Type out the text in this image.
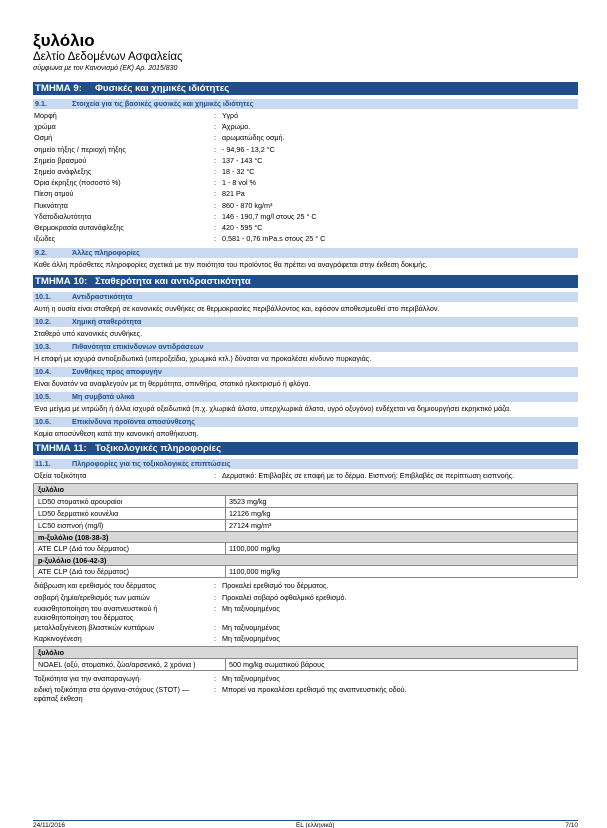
ξυλόλιο
Δελτίο Δεδομένων Ασφαλείας
σύμφωνα με τον Κανονισμό (ΕΚ) Αρ. 2015/830
ΤΜΗΜΑ 9:	Φυσικές και χημικές ιδιότητες
9.1.	Στοιχεία για τις βασικές φυσικές και χημικές ιδιότητες
Μορφή	: Υγρό
χρώμα	: Άχρωμο.
Οσμή	: αρωματώδης οσμή.
σημείο τήξης / περιοχή τήξης	: - 94,96 - 13,2 °C
Σημείο βρασμού	: 137 - 143 °C
Σημείο ανάφλεξης	: 18 - 32 °C
Όρια έκρηξης (ποσοστό %)	: 1 - 8 vol %
Πίεση ατμού	: 821 Pa
Πυκνότητα	: 860 - 870 kg/m³
Υδατοδιαλυτότητα	: 146 - 190,7 mg/l στους 25 ° C
Θερμοκρασία αυτανάφλεξης	: 420 - 595 °C
ιξώδες	: 0,581 - 0,76 mPa.s στους 25 ° C
9.2.	Άλλες πληροφορίες
Καθε άλλη πρόσθετες πληροφορίες σχετικά με την ποιότητα του προϊόντος θα πρέπει να αναγράφεται στην έκθεση δοκιμής.
ΤΜΗΜΑ 10: Σταθερότητα και αντιδραστικότητα
10.1.	Αντιδραστικότητα
Αυτή η ουσία είναι σταθερή σε κανονικές συνθήκες σε θερμοκρασίες περιβάλλοντος και, εφόσον αποθεσμευθεί στο περιβάλλον.
10.2.	Χημική σταθερότητα
Σταθερό υπό κανονικές συνθήκες.
10.3.	Πιθανότητα επικίνδυνων αντιδράσεων
Η επαφή με ισχυρά αντιοξειδωτικά (υπεροξείδια, χρωμικά κτλ.) δύναται να προκαλέσει κίνδυνο πυρκαγιάς.
10.4.	Συνθήκες προς αποφυγήν
Είναι δυνατόν να αναφλεγούν με τη θερμότητα, σπινθήρα, στατικό ηλεκτρισμό ή φλόγα.
10.5.	Μη συμβατά υλικά
Ένα μείγμα με νιτρώδη ή άλλα ισχυρά οξειδωτικά (π.χ. χλωρικά άλατα, υπερχλωρικά άλατα, υγρό οξυγόνο) ενδέχεται να δημιουργήσει εκρηκτικό μάζα.
10.6.	Επικίνδυνα προϊόντα αποσύνθεσης
Καμία αποσύνθεση κατά την κανονική αποθήκευση.
ΤΜΗΜΑ 11: Τοξικολογικές πληροφορίες
11.1.	Πληροφορίες για τις τοξικολογικές επιπτώσεις
Οξεία τοξικότητα	: Δερματικό: Επιβλαβές σε επαφή με το δέρμα. Εισπνοή: Επιβλαβές σε περίπτωση εισπνοής.
ξυλόλιο
LD50 στοματικό αρουραίοι	3523 mg/kg
LD50 δερματικό κουνέλια	12126 mg/kg
LC50 εισπνοή (mg/l)	27124 mg/m³
m-ξυλόλιο (108-38-3)
ATE CLP (Διά του δέρματος)	1100,000 mg/kg
p-ξυλόλιο (106-42-3)
ATE CLP (Διά του δέρματος)	1100,000 mg/kg
διάβρωση και ερεθισμός του δέρματος	: Προκαλεί ερεθισμό του δέρματος.
σοβαρή ζημία/ερεθισμός των ματιών	: Προκαλεί σοβαρό οφθαλμικό ερεθισμό.
ευαισθητοποίηση του αναπνευστικού ή ευαισθητοποίηση του δέρματος
: Μη ταξινομημένος
μεταλλαξιγένεση βλαστικών κυττάρων	: Μη ταξινομημένος
Καρκινογένεση	: Μη ταξινομημένος
ξυλόλιο
NOAEL (οξύ, στοματικό, ζώο/αρσενικό, 2 χρόνια )	500 mg/kg σωματικού βάρους
Τοξικότητα για την αναπαραγωγή·	: Μη ταξινομημένος
ειδική τοξικότητα στα όργανα-στόχους (STOT) — εφάπαξ έκθεση
: Μπορεί να προκαλέσει ερεθισμό της αναπνευστικής οδού.
24/11/2016	EL (ελληνικά)	7/10
